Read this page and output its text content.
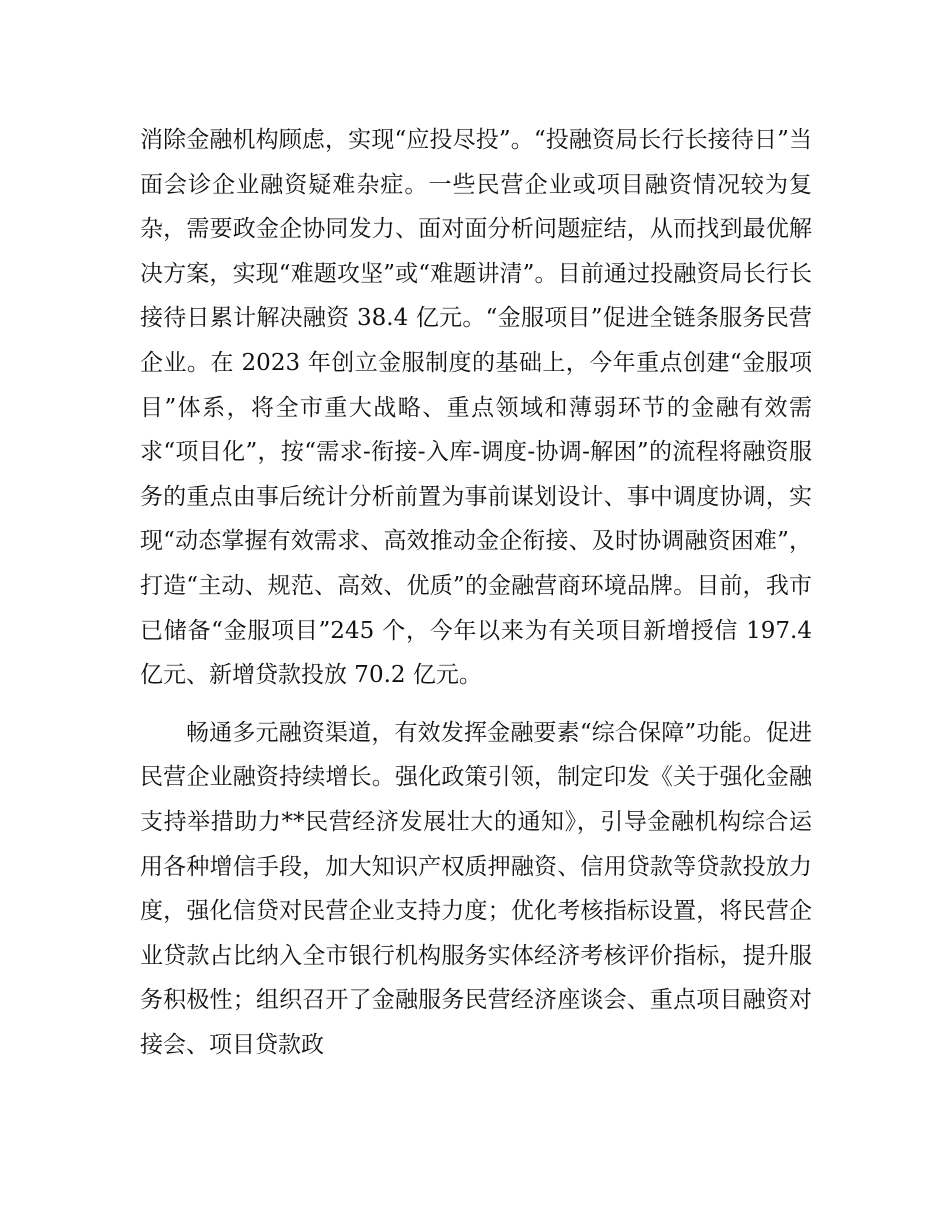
消除金融机构顾虑，实现“应投尽投”。“投融资局长行长接待日”当面会诊企业融资疑难杂症。一些民营企业或项目融资情况较为复杂，需要政金企协同发力、面对面分析问题症结，从而找到最优解决方案，实现“难题攻坚”或“难题讲清”。目前通过投融资局长行长接待日累计解决融资 38.4 亿元。“金服项目”促进全链条服务民营企业。在 2023 年创立金服制度的基础上，今年重点创建“金服项目”体系，将全市重大战略、重点领域和薄弱环节的金融有效需求“项目化”，按“需求-衔接-入库-调度-协调-解困”的流程将融资服务的重点由事后统计分析前置为事前谋划设计、事中调度协调，实现“动态掌握有效需求、高效推动金企衔接、及时协调融资困难”，打造“主动、规范、高效、优质”的金融营商环境品牌。目前，我市已储备“金服项目”245 个，今年以来为有关项目新增授信 197.4 亿元、新增贷款投放 70.2 亿元。

畅通多元融资渠道，有效发挥金融要素“综合保障”功能。促进民营企业融资持续增长。强化政策引领，制定印发《关于强化金融支持举措助力**民营经济发展壮大的通知》，引导金融机构综合运用各种增信手段，加大知识产权质押融资、信用贷款等贷款投放力度，强化信贷对民营企业支持力度；优化考核指标设置，将民营企业贷款占比纳入全市银行机构服务实体经济考核评价指标，提升服务积极性；组织召开了金融服务民营经济座谈会、重点项目融资对接会、项目贷款政
